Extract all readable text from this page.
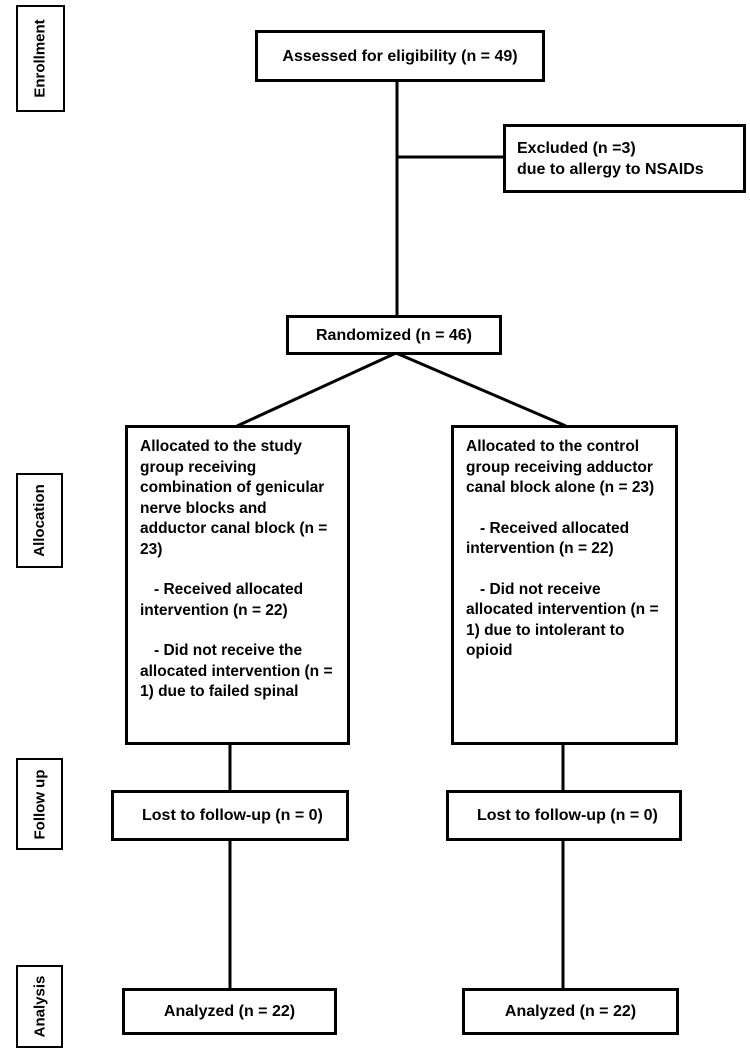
Enrollment
Allocation
Follow up
Analysis
Assessed for eligibility (n = 49)
Excluded (n =3)
due to allergy to NSAIDs
Randomized (n = 46)
Allocated to the study group receiving combination of genicular nerve blocks and adductor canal block (n = 23)
- Received allocated intervention (n = 22)
- Did not receive the allocated intervention (n = 1) due to failed spinal
Allocated to the control group receiving adductor canal block alone (n = 23)
- Received allocated intervention (n = 22)
- Did not receive allocated intervention (n = 1) due to intolerant to opioid
Lost to follow-up (n = 0)	Lost to follow-up (n = 0)
Analyzed (n = 22)	Analyzed (n = 22)
